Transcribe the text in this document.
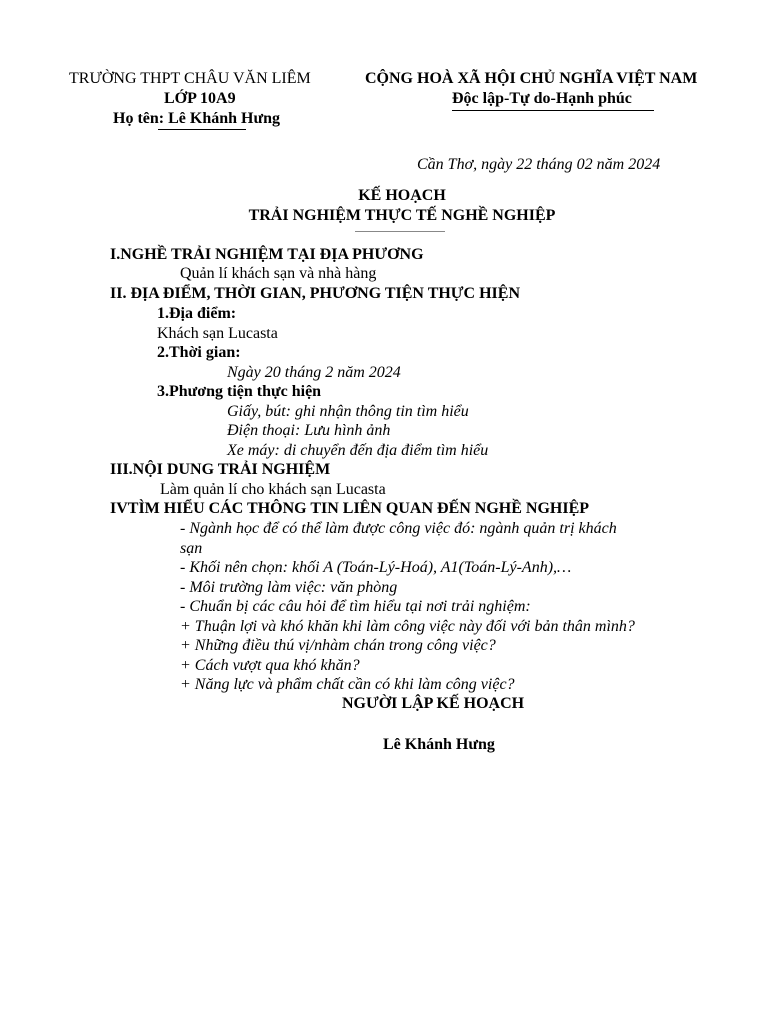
TRƯỜNG THPT CHÂU VĂN LIÊM
LỚP 10A9
Họ tên: Lê Khánh Hưng
CỘNG HOÀ XÃ HỘI CHỦ NGHĨA VIỆT NAM
Độc lập-Tự do-Hạnh phúc
Cần Thơ, ngày 22 tháng 02 năm 2024
KẾ HOẠCH
TRẢI NGHIỆM THỰC TẾ NGHỀ NGHIỆP
I.NGHỀ TRẢI NGHIỆM TẠI ĐỊA PHƯƠNG
Quản lí khách sạn và nhà hàng
II. ĐỊA ĐIỂM, THỜI GIAN, PHƯƠNG TIỆN THỰC HIỆN
1.Địa điểm:
Khách sạn Lucasta
2.Thời gian:
Ngày 20 tháng 2 năm 2024
3.Phương tiện thực hiện
Giấy, bút: ghi nhận thông tin tìm hiểu
Điện thoại: Lưu hình ảnh
Xe máy: di chuyển đến địa điểm tìm hiểu
III.NỘI DUNG TRẢI NGHIỆM
Làm quản lí cho khách sạn Lucasta
IVTÌM HIỂU CÁC THÔNG TIN LIÊN QUAN ĐẾN NGHỀ NGHIỆP
- Ngành học để có thể làm được công việc đó: ngành quản trị khách
sạn
- Khối nên chọn: khối A (Toán-Lý-Hoá), A1(Toán-Lý-Anh),…
- Môi trường làm việc: văn phòng
- Chuẩn bị các câu hỏi để tìm hiểu tại nơi trải nghiệm:
+ Thuận lợi và khó khăn khi làm công việc này đối với bản thân mình?
+ Những điều thú vị/nhàm chán trong công việc?
+ Cách vượt qua khó khăn?
+ Năng lực và phẩm chất cần có khi làm công việc?
NGƯỜI LẬP KẾ HOẠCH
Lê Khánh Hưng
